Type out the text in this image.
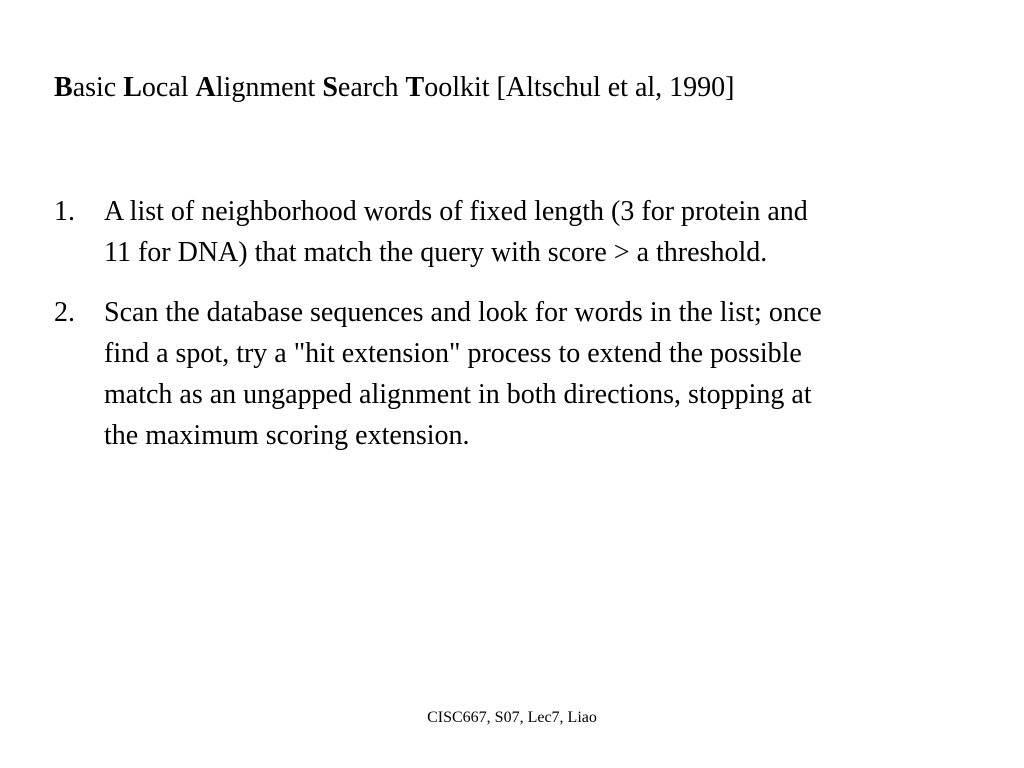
Basic Local Alignment Search Toolkit [Altschul et al, 1990]
1. A list of neighborhood words of fixed length (3 for protein and
11 for DNA) that match the query with score > a threshold.
2. Scan the database sequences and look for words in the list; once
find a spot, try a "hit extension" process to extend the possible
match as an ungapped alignment in both directions, stopping at
the maximum scoring extension.
CISC667, S07, Lec7, Liao
